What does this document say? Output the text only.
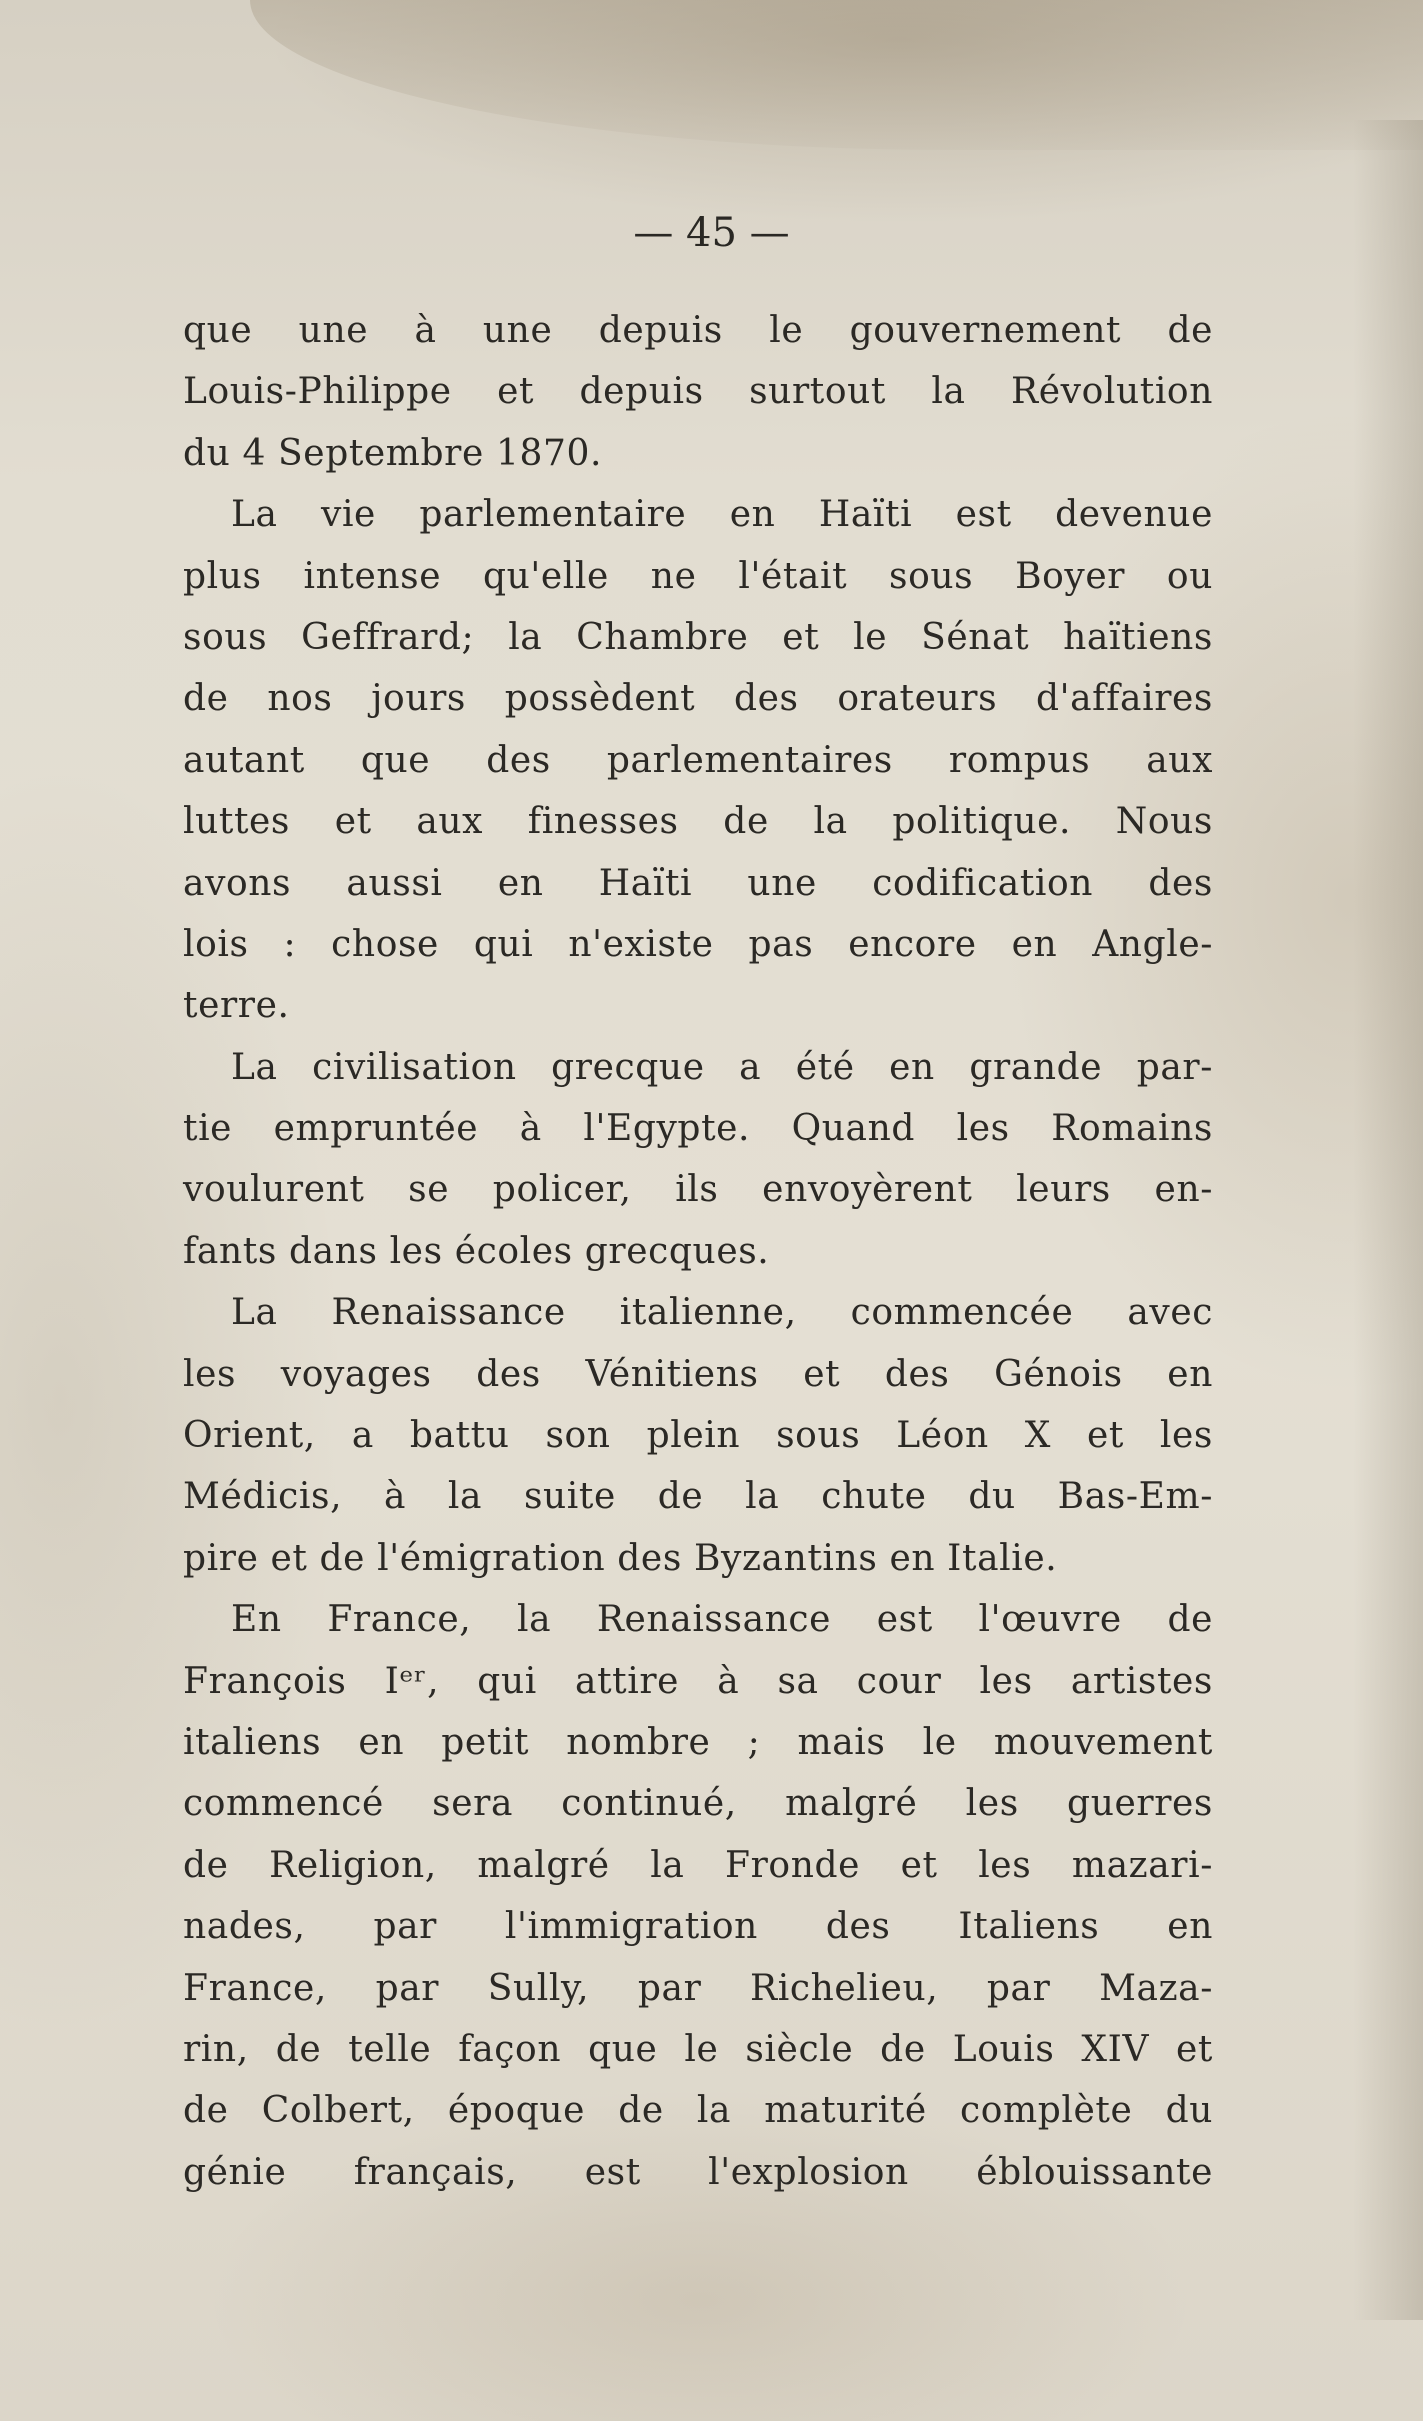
— 45 —
que une à une depuis le gouvernement de
Louis-Philippe et depuis surtout la Révolution
du 4 Septembre 1870.
La vie parlementaire en Haïti est devenue
plus intense qu'elle ne l'était sous Boyer ou
sous Geffrard; la Chambre et le Sénat haïtiens
de nos jours possèdent des orateurs d'affaires
autant que des parlementaires rompus aux
luttes et aux finesses de la politique. Nous
avons aussi en Haïti une codification des
lois : chose qui n'existe pas encore en Angle-
terre.
La civilisation grecque a été en grande par-
tie empruntée à l'Egypte. Quand les Romains
voulurent se policer, ils envoyèrent leurs en-
fants dans les écoles grecques.
La Renaissance italienne, commencée avec
les voyages des Vénitiens et des Génois en
Orient, a battu son plein sous Léon X et les
Médicis, à la suite de la chute du Bas-Em-
pire et de l'émigration des Byzantins en Italie.
En France, la Renaissance est l'œuvre de
François Iᵉʳ, qui attire à sa cour les artistes
italiens en petit nombre ; mais le mouvement
commencé sera continué, malgré les guerres
de Religion, malgré la Fronde et les mazari-
nades, par l'immigration des Italiens en
France, par Sully, par Richelieu, par Maza-
rin, de telle façon que le siècle de Louis XIV et
de Colbert, époque de la maturité complète du
génie français, est l'explosion éblouissante
